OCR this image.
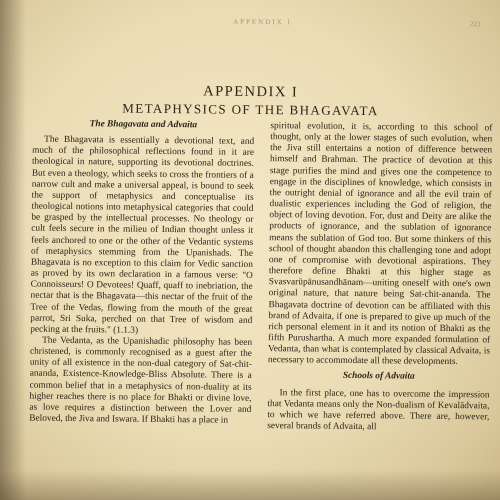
APPENDIX I	223
APPENDIX I
METAPHYSICS OF THE BHAGAVATA
The Bhagavata and Advaita

The Bhagavata is essentially a devotional text, and much of the philosophical reflections found in it are theological in nature, supporting its devotional doctrines. But even a theology, which seeks to cross the frontiers of a narrow cult and make a universal appeal, is bound to seek the support of metaphysics and conceptualise its theological notions into metaphysical categories that could be grasped by the intellectual processes. No theology or cult feels secure in the milieu of Indian thought unless it feels anchored to one or the other of the Vedantic systems of metaphysics stemming from the Upanishads. The Bhagavata is no exception to this claim for Vedic sanction as proved by its own declaration in a famous verse: "O Connoisseurs! O Devotees! Quaff, quaff to inebriation, the nectar that is the Bhagavata—this nectar of the fruit of the Tree of the Vedas, flowing from the mouth of the great parrot, Sri Suka, perched on that Tree of wisdom and pecking at the fruits." (1.1.3)

The Vedanta, as the Upanishadic philosophy has been christened, is commonly recognised as a guest after the unity of all existence in the non-dual category of Sat-chit-ananda, Existence-Knowledge-Bliss Absolute. There is a common belief that in a metaphysics of non-duality at its higher reaches there is no place for Bhakti or divine love, as love requires a distinction between the Lover and Beloved, the Jiva and Iswara. If Bhakti has a place in

spiritual evolution, it is, according to this school of thought, only at the lower stages of such evolution, when the Jiva still entertains a notion of difference between himself and Brahman. The practice of devotion at this stage purifies the mind and gives one the competence to engage in the disciplines of knowledge, which consists in the outright denial of ignorance and all the evil train of dualistic experiences including the God of religion, the object of loving devotion. For, dust and Deity are alike the products of ignorance, and the sublation of ignorance means the sublation of God too. But some thinkers of this school of thought abandon this challenging tone and adopt one of compromise with devotional aspirations. They therefore define Bhakti at this higher stage as Svasvarūpānusandhānam—uniting oneself with one's own original nature, that nature being Sat-chit-ananda. The Bhagavata doctrine of devotion can be affiliated with this brand of Advaita, if one is prepared to give up much of the rich personal element in it and its notion of Bhakti as the fifth Purushartha. A much more expanded formulation of Vedanta, than what is contemplated by classical Advaita, is necessary to accommodate all these developments.

Schools of Advaita

In the first place, one has to overcome the impression that Vedanta means only the Non-dualism of Kevalādvaita, to which we have referred above. There are, however, several brands of Advaita, all
